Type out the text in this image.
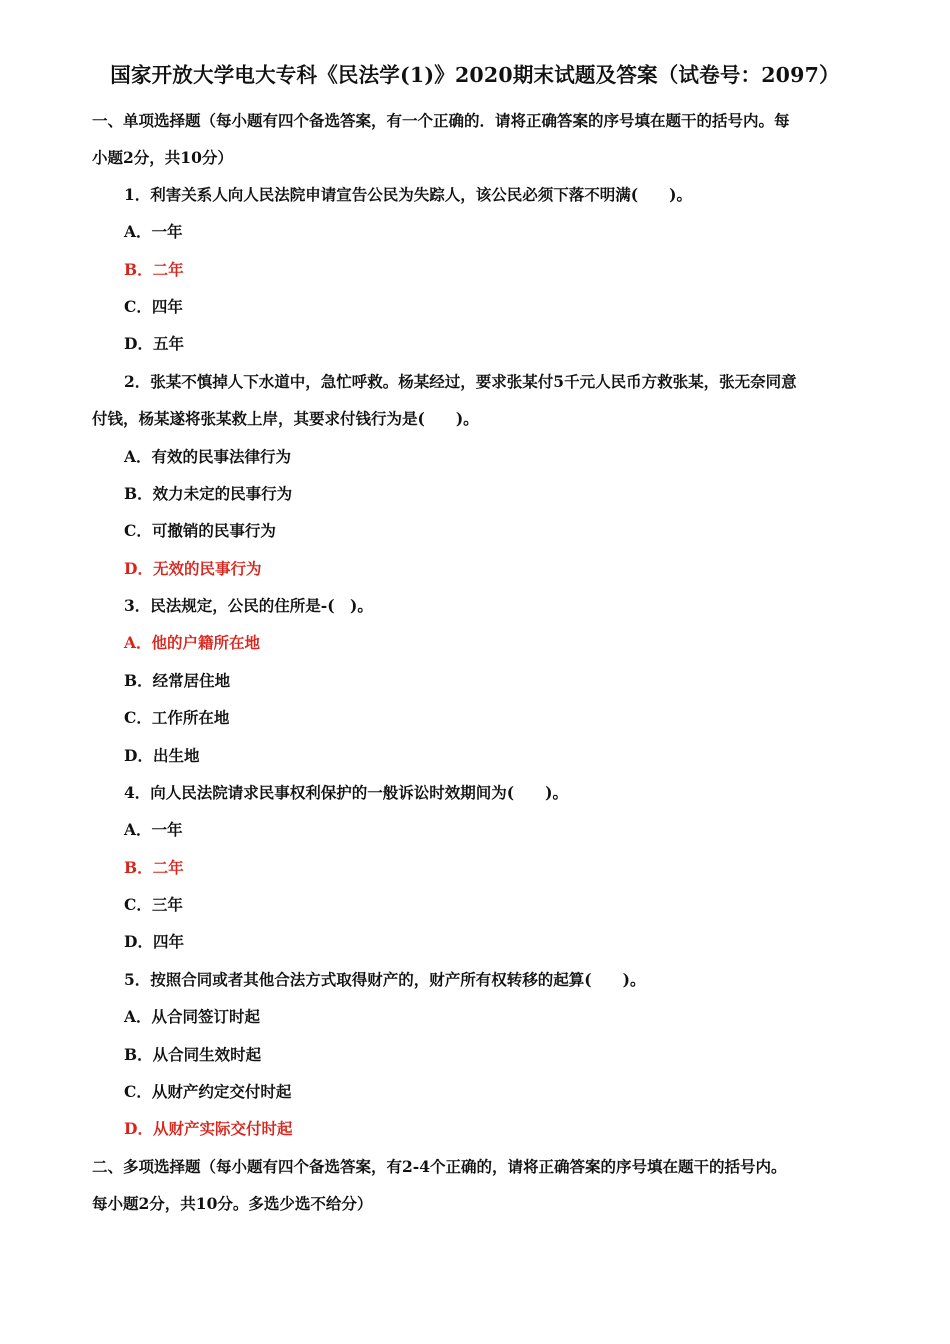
国家开放大学电大专科《民法学(1)》2020期末试题及答案（试卷号：2097）
一、单项选择题（每小题有四个备选答案，有一个正确的．请将正确答案的序号填在题干的括号内。每
小题2分，共10分）
1．利害关系人向人民法院申请宣告公民为失踪人，该公民必须下落不明满(　　)。
A．一年
B．二年
C．四年
D．五年
2．张某不慎掉人下水道中，急忙呼救。杨某经过，要求张某付5千元人民币方救张某，张无奈同意
付钱，杨某遂将张某救上岸，其要求付钱行为是(　　)。
A．有效的民事法律行为
B．效力未定的民事行为
C．可撤销的民事行为
D．无效的民事行为
3．民法规定，公民的住所是-(　)。
A．他的户籍所在地
B．经常居住地
C．工作所在地
D．出生地
4．向人民法院请求民事权利保护的一般诉讼时效期间为(　　)。
A．一年
B．二年
C．三年
D．四年
5．按照合同或者其他合法方式取得财产的，财产所有权转移的起算(　　)。
A．从合同签订时起
B．从合同生效时起
C．从财产约定交付时起
D．从财产实际交付时起
二、多项选择题（每小题有四个备选答案，有2-4个正确的，请将正确答案的序号填在题干的括号内。
每小题2分，共10分。多选少选不给分）
